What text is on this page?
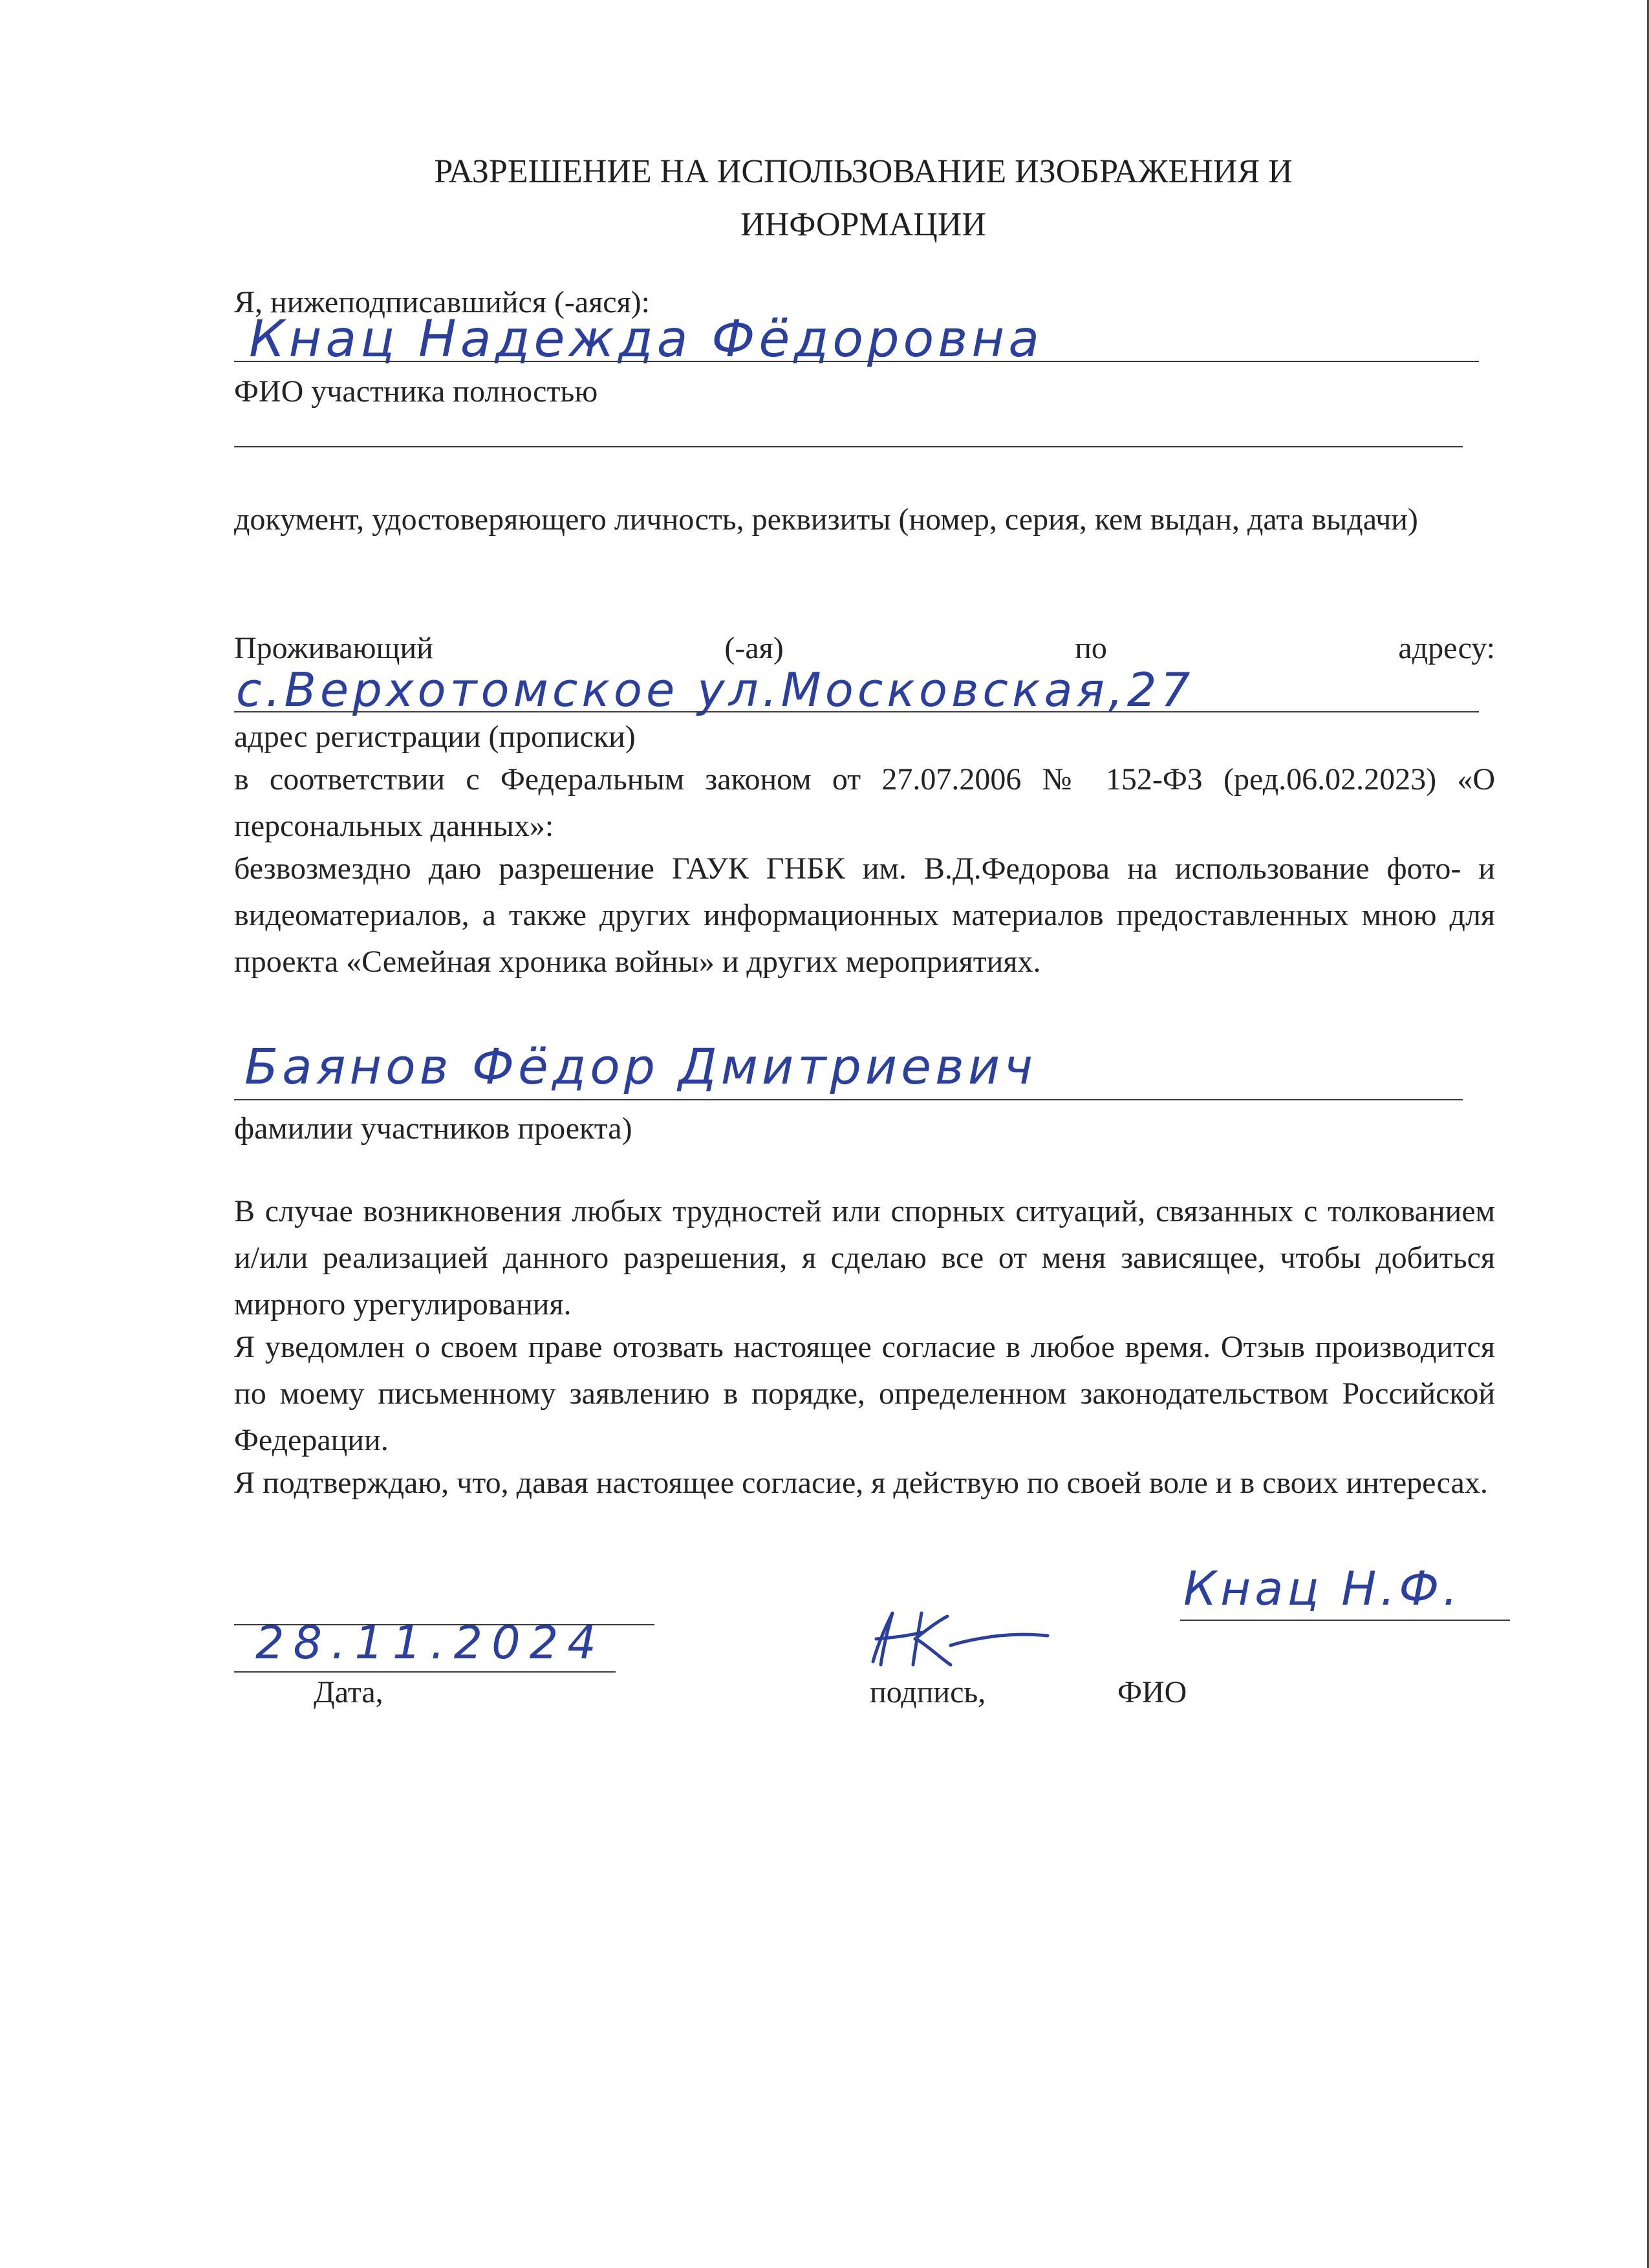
РАЗРЕШЕНИЕ НА ИСПОЛЬЗОВАНИЕ ИЗОБРАЖЕНИЯ И
ИНФОРМАЦИИ
Я, нижеподписавшийся (-аяся):
Кнац Надежда Фёдоровна
ФИО участника полностью
документ, удостоверяющего личность, реквизиты (номер, серия, кем выдан, дата выдачи)
Проживающий	(-ая)	по	адресу:
с.Верхотомское ул.Московская,27
адрес регистрации (прописки)
в соответствии с Федеральным законом от 27.07.2006 № 152-ФЗ (ред.06.02.2023) «О персональных данных»:
безвозмездно даю разрешение ГАУК ГНБК им. В.Д.Федорова на использование фото- и видеоматериалов, а также других информационных материалов предоставленных мною для проекта «Семейная хроника войны» и других мероприятиях.
Баянов Фёдор Дмитриевич
фамилии участников проекта)
В случае возникновения любых трудностей или спорных ситуаций, связанных с толкованием и/или реализацией данного разрешения, я сделаю все от меня зависящее, чтобы добиться мирного урегулирования.
Я уведомлен о своем праве отозвать настоящее согласие в любое время. Отзыв производится по моему письменному заявлению в порядке, определенном законодательством Российской Федерации.
Я подтверждаю, что, давая настоящее согласие, я действую по своей воле и в своих интересах.
Кнац Н.Ф.
28.11.2024
Дата,	подпись,	ФИО
